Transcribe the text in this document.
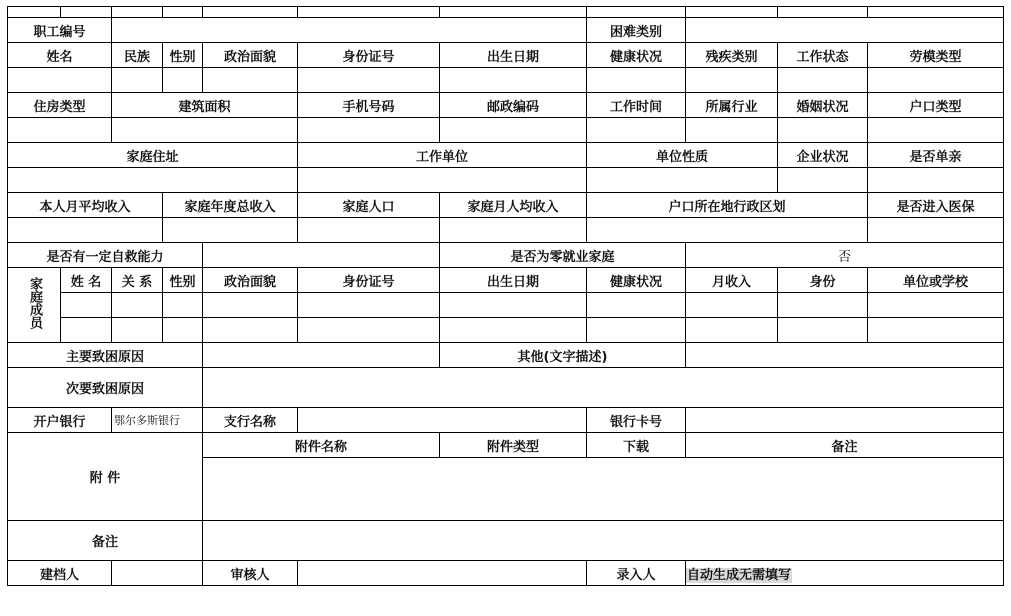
职工编号							困难类别			
姓名		民族	性别	政治面貌	身份证号	出生日期	健康状况	残疾类别	工作状态	劳模类型

住房类型		建筑面积			手机号码	邮政编码	工作时间	所属行业	婚姻状况	户口类型

家庭住址					工作单位		单位性质		企业状况	是否单亲

本人月平均收入			家庭年度总收入		家庭人口	家庭月人均收入	户口所在地行政区划			是否进入医保

是否有一定自救能力						是否为零就业家庭		否		
家庭成员	姓 名	关 系	性别	政治面貌	身份证号	出生日期	健康状况	月收入	身份	单位或学校

主要致困原因						其他(文字描述)				
次要致困原因										
开户银行		鄂尔多斯银行		支行名称			银行卡号			
附 件				附件名称		附件类型	下载	备注		

备注										
建档人				审核人			录入人	自动生成无需填写		
